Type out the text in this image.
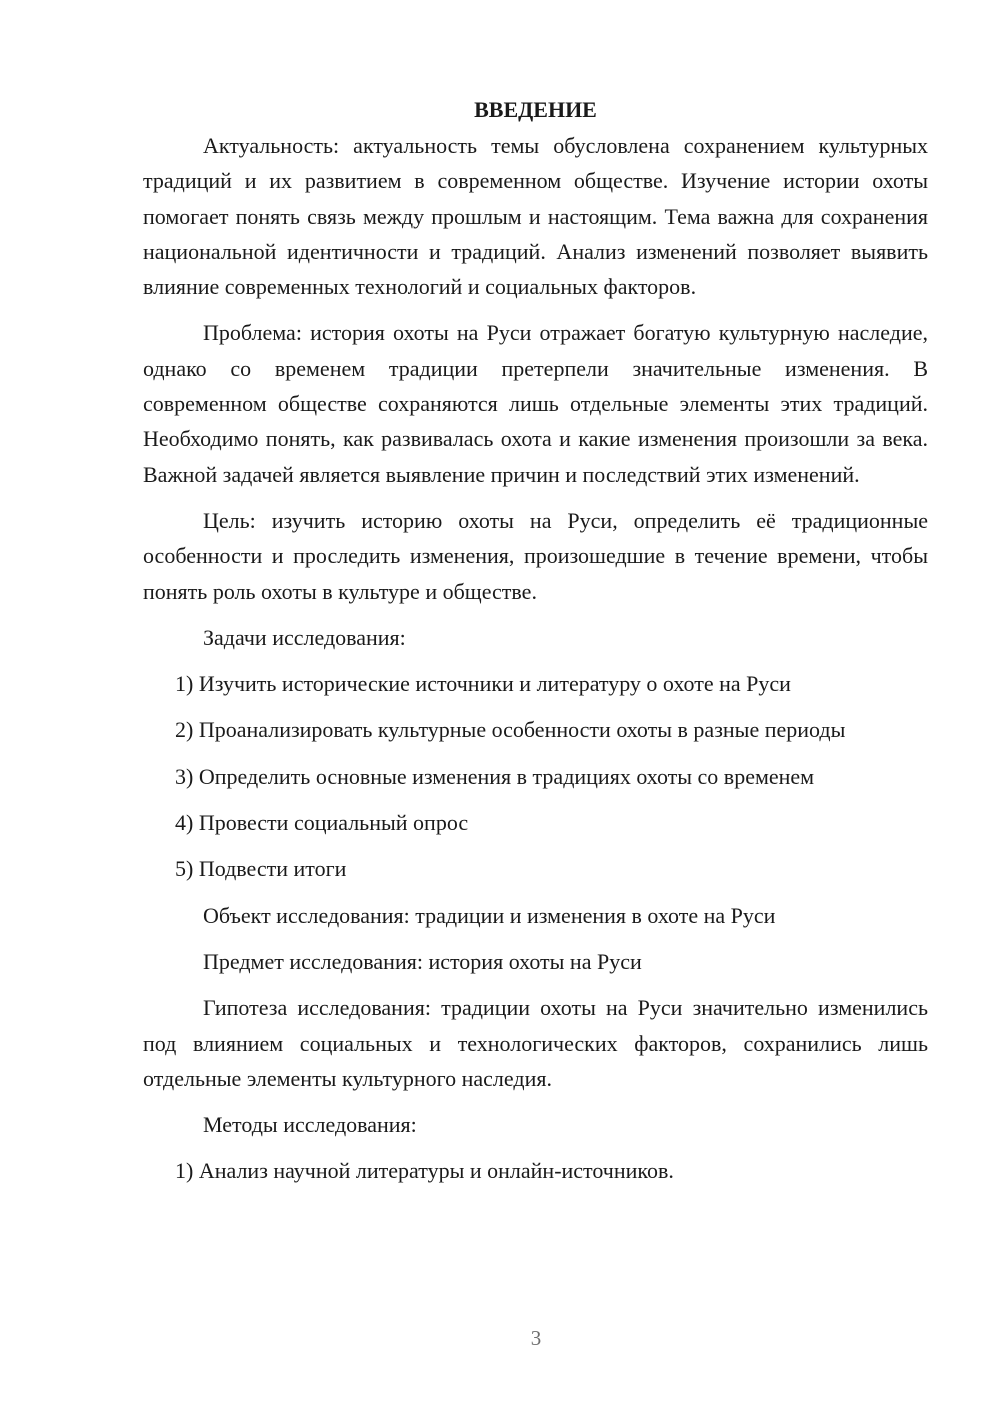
ВВЕДЕНИЕ

Актуальность: актуальность темы обусловлена сохранением культурных традиций и их развитием в современном обществе. Изучение истории охоты помогает понять связь между прошлым и настоящим. Тема важна для сохранения национальной идентичности и традиций. Анализ изменений позволяет выявить влияние современных технологий и социальных факторов.

Проблема: история охоты на Руси отражает богатую культурную наследие, однако со временем традиции претерпели значительные изменения. В современном обществе сохраняются лишь отдельные элементы этих традиций. Необходимо понять, как развивалась охота и какие изменения произошли за века. Важной задачей является выявление причин и последствий этих изменений.

Цель: изучить историю охоты на Руси, определить её традиционные особенности и проследить изменения, произошедшие в течение времени, чтобы понять роль охоты в культуре и обществе.

Задачи исследования:

1) Изучить исторические источники и литературу о охоте на Руси

2) Проанализировать культурные особенности охоты в разные периоды

3) Определить основные изменения в традициях охоты со временем

4) Провести социальный опрос

5) Подвести итоги

Объект исследования: традиции и изменения в охоте на Руси

Предмет исследования: история охоты на Руси

Гипотеза исследования: традиции охоты на Руси значительно изменились под влиянием социальных и технологических факторов, сохранились лишь отдельные элементы культурного наследия.

Методы исследования:

1) Анализ научной литературы и онлайн-источников.

3
